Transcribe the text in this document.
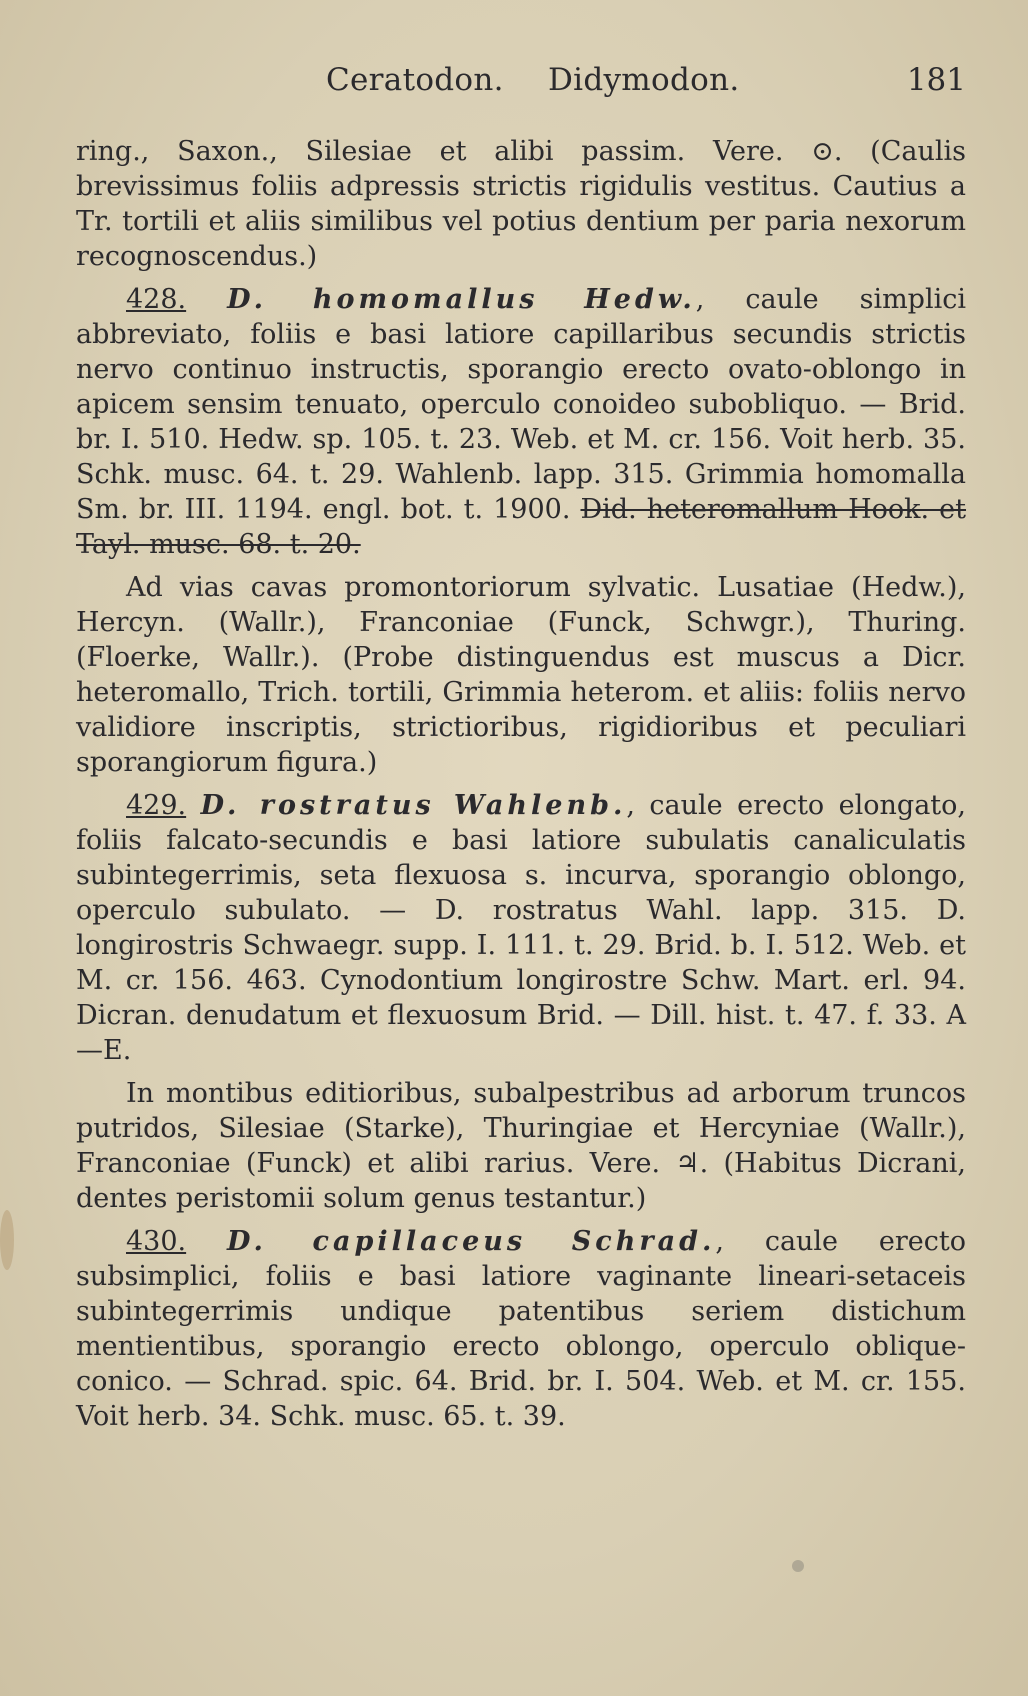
Ceratodon. Didymodon.	181

ring., Saxon., Silesiae et alibi passim. Vere. ⊙. (Caulis brevissimus foliis adpressis strictis rigidulis vestitus. Cautius a Tr. tortili et aliis similibus vel potius dentium per paria nexorum recognoscendus.)

428. D. homomallus Hedw., caule simplici abbreviato, foliis e basi latiore capillaribus secundis strictis nervo continuo instructis, sporangio erecto ovato-oblongo in apicem sensim tenuato, operculo conoideo subobliquo. — Brid. br. I. 510. Hedw. sp. 105. t. 23. Web. et M. cr. 156. Voit herb. 35. Schk. musc. 64. t. 29. Wahlenb. lapp. 315. Grimmia homomalla Sm. br. III. 1194. engl. bot. t. 1900. Did. heteromallum Hook. et Tayl. musc. 68. t. 20.

Ad vias cavas promontoriorum sylvatic. Lusatiae (Hedw.), Hercyn. (Wallr.), Franconiae (Funck, Schwgr.), Thuring. (Floerke, Wallr.). (Probe distinguendus est muscus a Dicr. heteromallo, Trich. tortili, Grimmia heterom. et aliis: foliis nervo validiore inscriptis, strictioribus, rigidioribus et peculiari sporangiorum figura.)

429. D. rostratus Wahlenb., caule erecto elongato, foliis falcato-secundis e basi latiore subulatis canaliculatis subintegerrimis, seta flexuosa s. incurva, sporangio oblongo, operculo subulato. — D. rostratus Wahl. lapp. 315. D. longirostris Schwaegr. supp. I. 111. t. 29. Brid. b. I. 512. Web. et M. cr. 156. 463. Cynodontium longirostre Schw. Mart. erl. 94. Dicran. denudatum et flexuosum Brid. — Dill. hist. t. 47. f. 33. A—E.

In montibus editioribus, subalpestribus ad arborum truncos putridos, Silesiae (Starke), Thuringiae et Hercyniae (Wallr.), Franconiae (Funck) et alibi rarius. Vere. ♃. (Habitus Dicrani, dentes peristomii solum genus testantur.)

430. D. capillaceus Schrad., caule erecto subsimplici, foliis e basi latiore vaginante lineari-setaceis subintegerrimis undique patentibus seriem distichum mentientibus, sporangio erecto oblongo, operculo oblique-conico. — Schrad. spic. 64. Brid. br. I. 504. Web. et M. cr. 155. Voit herb. 34. Schk. musc. 65. t. 39.
